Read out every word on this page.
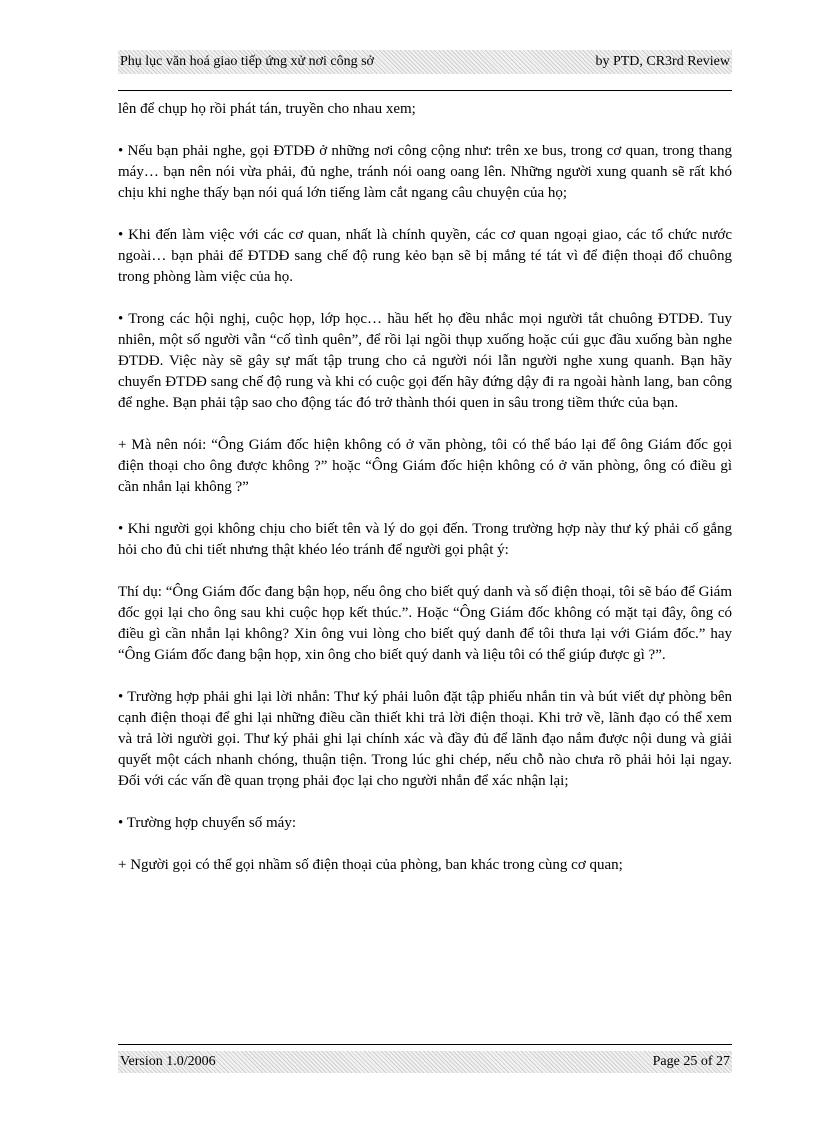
Phụ lục văn hoá giao tiếp ứng xử nơi công sở	by PTD, CR3rd Review

lên để chụp họ rồi phát tán, truyền cho nhau xem;

• Nếu bạn phải nghe, gọi ĐTDĐ ở những nơi công cộng như: trên xe bus, trong cơ quan, trong thang máy… bạn nên nói vừa phải, đủ nghe, tránh nói oang oang lên. Những người xung quanh sẽ rất khó chịu khi nghe thấy bạn nói quá lớn tiếng làm cắt ngang câu chuyện của họ;

• Khi đến làm việc với các cơ quan, nhất là chính quyền, các cơ quan ngoại giao, các tổ chức nước ngoài… bạn phải để ĐTDĐ sang chế độ rung kẻo bạn sẽ bị mắng té tát vì để điện thoại đổ chuông trong phòng làm việc của họ.

• Trong các hội nghị, cuộc họp, lớp học… hầu hết họ đều nhắc mọi người tắt chuông ĐTDĐ. Tuy nhiên, một số người vẫn “cố tình quên”, để rồi lại ngồi thụp xuống hoặc cúi gục đầu xuống bàn nghe ĐTDĐ. Việc này sẽ gây sự mất tập trung cho cả người nói lẫn người nghe xung quanh. Bạn hãy chuyển ĐTDĐ sang chế độ rung và khi có cuộc gọi đến hãy đứng dậy đi ra ngoài hành lang, ban công để nghe. Bạn phải tập sao cho động tác đó trở thành thói quen in sâu trong tiềm thức của bạn.

+ Mà nên nói: “Ông Giám đốc hiện không có ở văn phòng, tôi có thể báo lại để ông Giám đốc gọi điện thoại cho ông được không ?” hoặc “Ông Giám đốc hiện không có ở văn phòng, ông có điều gì cần nhắn lại không ?”

• Khi người gọi không chịu cho biết tên và lý do gọi đến. Trong trường hợp này thư ký phải cố gắng hỏi cho đủ chi tiết nhưng thật khéo léo tránh để người gọi phật ý:

Thí dụ: “Ông Giám đốc đang bận họp, nếu ông cho biết quý danh và số điện thoại, tôi sẽ báo để Giám đốc gọi lại cho ông sau khi cuộc họp kết thúc.”. Hoặc “Ông Giám đốc không có mặt tại đây, ông có điều gì cần nhắn lại không? Xin ông vui lòng cho biết quý danh để tôi thưa lại với Giám đốc.” hay “Ông Giám đốc đang bận họp, xin ông cho biết quý danh và liệu tôi có thể giúp được gì ?”.

• Trường hợp phải ghi lại lời nhắn: Thư ký phải luôn đặt tập phiếu nhắn tin và bút viết dự phòng bên cạnh điện thoại để ghi lại những điều cần thiết khi trả lời điện thoại. Khi trở về, lãnh đạo có thể xem và trả lời người gọi. Thư ký phải ghi lại chính xác và đầy đủ để lãnh đạo nắm được nội dung và giải quyết một cách nhanh chóng, thuận tiện. Trong lúc ghi chép, nếu chỗ nào chưa rõ phải hỏi lại ngay. Đối với các vấn đề quan trọng phải đọc lại cho người nhắn để xác nhận lại;

• Trường hợp chuyển số máy:

+ Người gọi có thể gọi nhầm số điện thoại của phòng, ban khác trong cùng cơ quan;

Version 1.0/2006	Page 25 of 27
